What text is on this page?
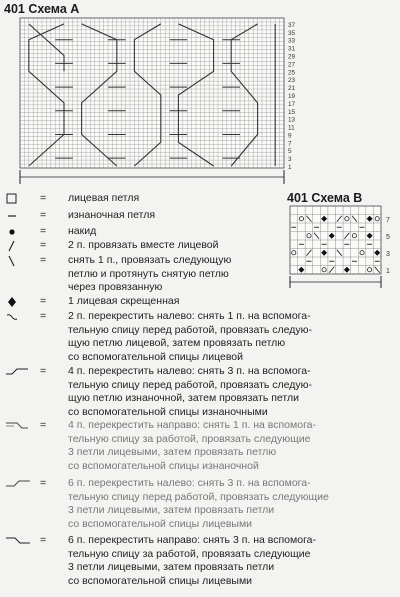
401 Схема А
37
35
33
31
29
27
25
23
21
19
17
15
13
11
9
7
5
3
1
401 Схема В
7
5
3
1
= лицевая петля
= изнаночная петля
= накид
= 2 п. провязать вместе лицевой
= снять 1 п., провязать следующую
петлю и протянуть снятую петлю
через провязанную
= 1 лицевая скрещенная
= 2 п. перекрестить налево: снять 1 п. на вспомога-
тельную спицу перед работой, провязать следую-
щую петлю лицевой, затем провязать петлю
со вспомогательной спицы лицевой
= 4 п. перекрестить налево: снять 3 п. на вспомога-
тельную спицу перед работой, провязать следую-
щую петлю изнаночной, затем провязать петли
со вспомогательной спицы изнаночными
= 4 п. перекрестить направо: снять 1 п. на вспомога-
тельную спицу за работой, провязать следующие
3 петли лицевыми, затем провязать петлю
со вспомогательной спицы изнаночной
= 6 п. перекрестить налево: снять 3 п. на вспомога-
тельную спицу перед работой, провязать следующие
3 петли лицевыми, затем провязать петли
со вспомогательной спицы лицевыми
= 6 п. перекрестить направо: снять 3 п. на вспомога-
тельную спицу за работой, провязать следующие
3 петли лицевыми, затем провязать петли
со вспомогательной спицы лицевыми
